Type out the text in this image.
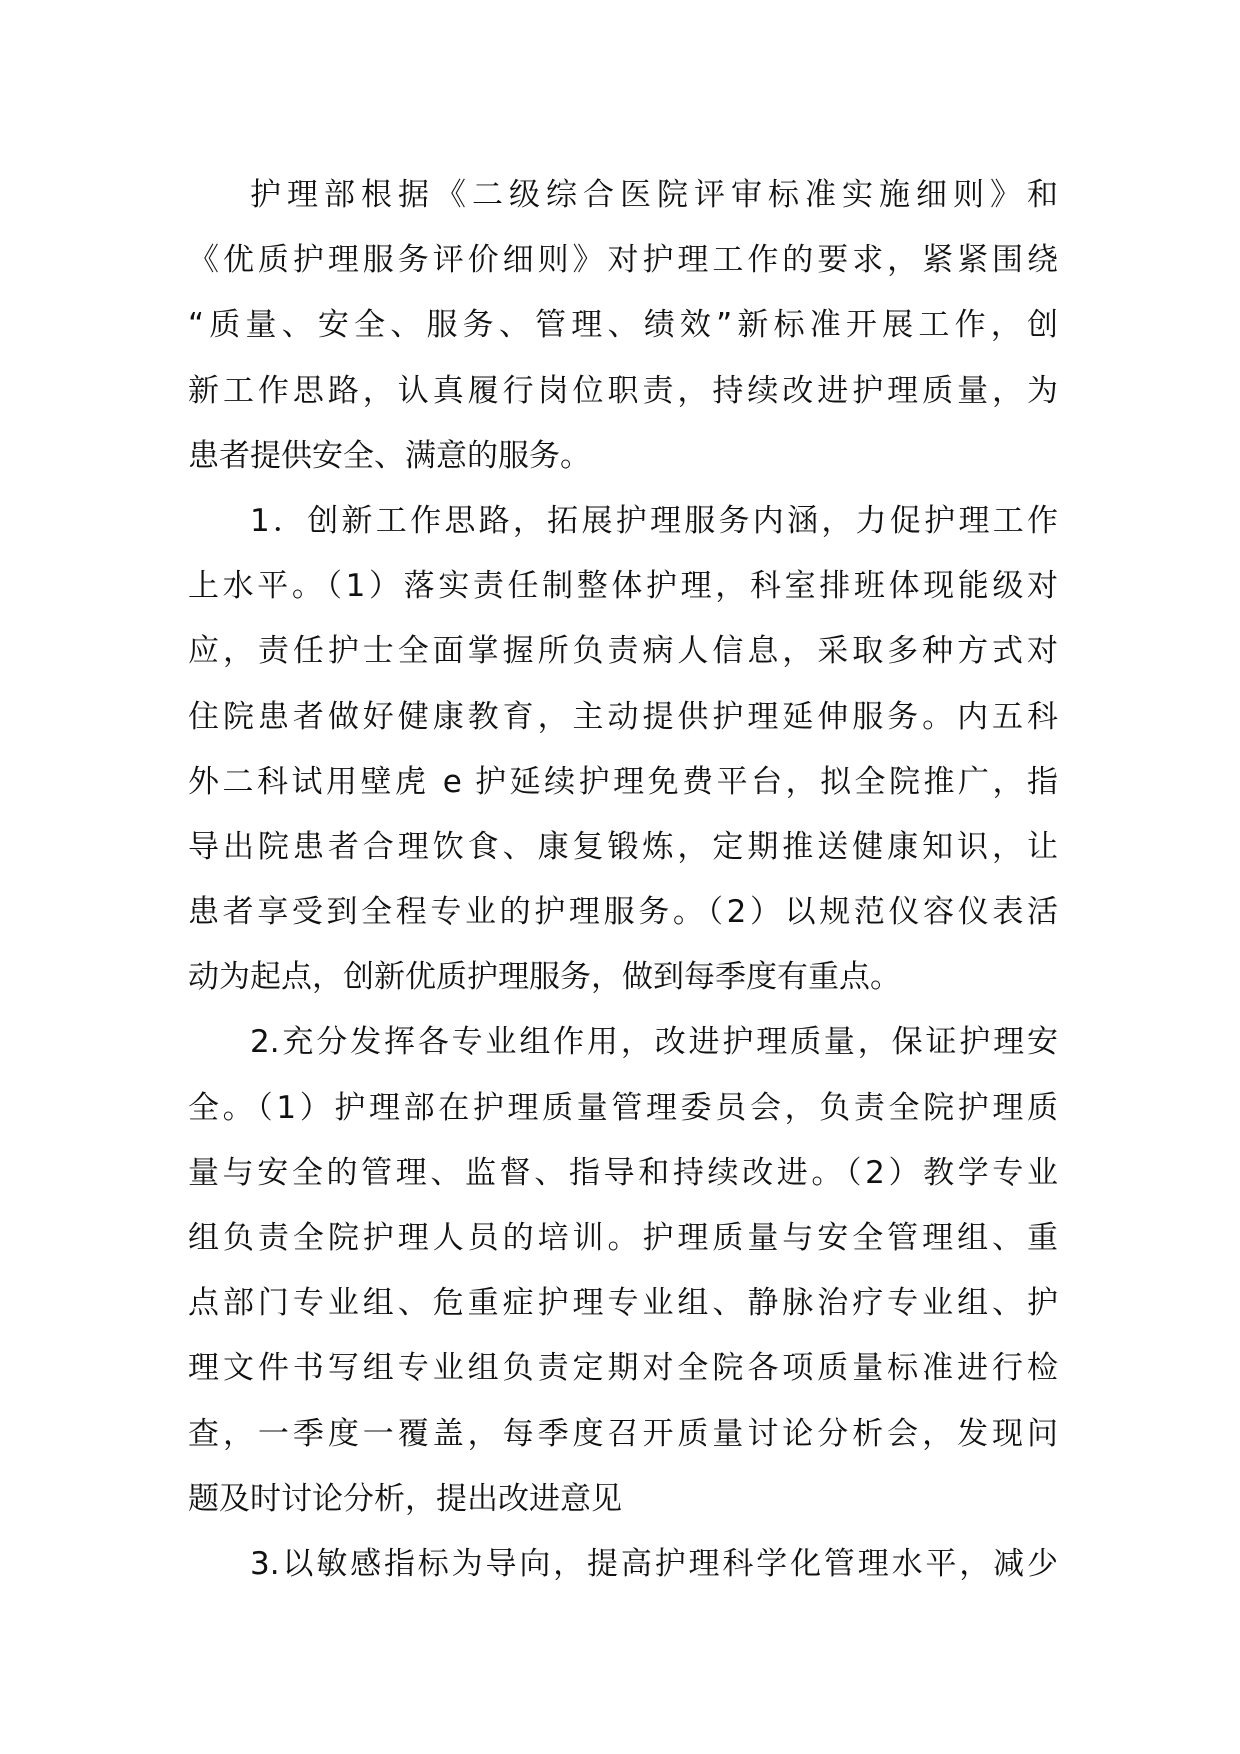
护理部根据《二级综合医院评审标准实施细则》和
《优质护理服务评价细则》对护理工作的要求，紧紧围绕
“质量、安全、服务、管理、绩效”新标准开展工作，创
新工作思路，认真履行岗位职责，持续改进护理质量，为
患者提供安全、满意的服务。

1．创新工作思路，拓展护理服务内涵，力促护理工作
上水平。（1）落实责任制整体护理，科室排班体现能级对
应，责任护士全面掌握所负责病人信息，采取多种方式对
住院患者做好健康教育，主动提供护理延伸服务。内五科
外二科试用壁虎 e 护延续护理免费平台，拟全院推广，指
导出院患者合理饮食、康复锻炼，定期推送健康知识，让
患者享受到全程专业的护理服务。（2）以规范仪容仪表活
动为起点，创新优质护理服务，做到每季度有重点。

2.充分发挥各专业组作用，改进护理质量，保证护理安
全。（1）护理部在护理质量管理委员会，负责全院护理质
量与安全的管理、监督、指导和持续改进。（2）教学专业
组负责全院护理人员的培训。护理质量与安全管理组、重
点部门专业组、危重症护理专业组、静脉治疗专业组、护
理文件书写组专业组负责定期对全院各项质量标准进行检
查，一季度一覆盖，每季度召开质量讨论分析会，发现问
题及时讨论分析，提出改进意见

3.以敏感指标为导向，提高护理科学化管理水平，减少
